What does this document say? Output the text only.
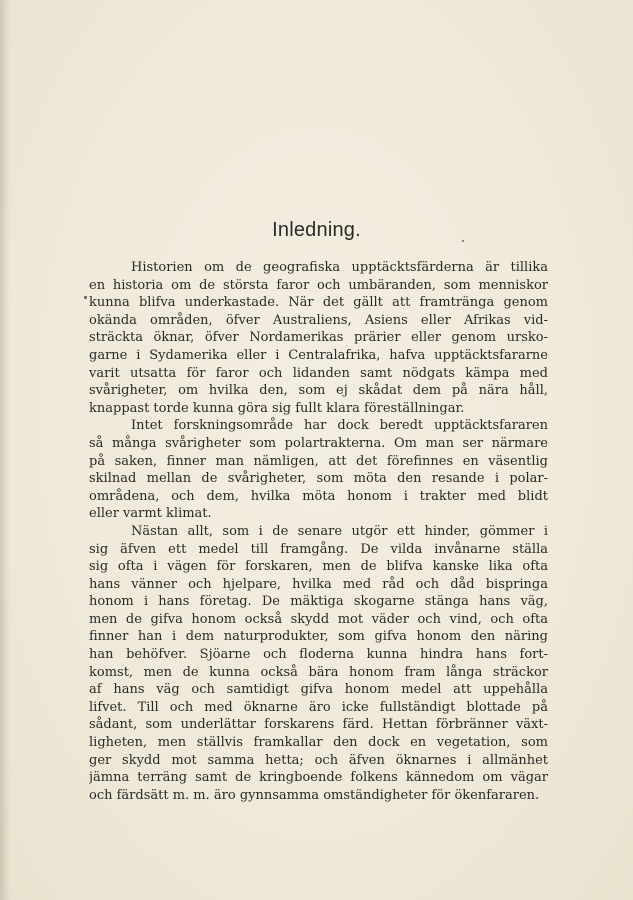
Inledning.
Historien om de geografiska upptäcktsfärderna är tillika
en historia om de största faror och umbäranden, som menniskor
kunna blifva underkastade. När det gällt att framtränga genom
okända områden, öfver Australiens, Asiens eller Afrikas vid-
sträckta öknar, öfver Nordamerikas prärier eller genom ursko-
garne i Sydamerika eller i Centralafrika, hafva upptäcktsfararne
varit utsatta för faror och lidanden samt nödgats kämpa med
svårigheter, om hvilka den, som ej skådat dem på nära håll,
knappast torde kunna göra sig fullt klara föreställningar.
Intet forskningsområde har dock beredt upptäcktsfararen
så många svårigheter som polartrakterna. Om man ser närmare
på saken, finner man nämligen, att det förefinnes en väsentlig
skilnad mellan de svårigheter, som möta den resande i polar-
områdena, och dem, hvilka möta honom i trakter med blidt
eller varmt klimat.
Nästan allt, som i de senare utgör ett hinder, gömmer i
sig äfven ett medel till framgång. De vilda invånarne ställa
sig ofta i vägen för forskaren, men de blifva kanske lika ofta
hans vänner och hjelpare, hvilka med råd och dåd bispringa
honom i hans företag. De mäktiga skogarne stänga hans väg,
men de gifva honom också skydd mot väder och vind, och ofta
finner han i dem naturprodukter, som gifva honom den näring
han behöfver. Sjöarne och floderna kunna hindra hans fort-
komst, men de kunna också bära honom fram långa sträckor
af hans väg och samtidigt gifva honom medel att uppehålla
lifvet. Till och med öknarne äro icke fullständigt blottade på
sådant, som underlättar forskarens färd. Hettan förbränner växt-
ligheten, men ställvis framkallar den dock en vegetation, som
ger skydd mot samma hetta; och äfven öknarnes i allmänhet
jämna terräng samt de kringboende folkens kännedom om vägar
och färdsätt m. m. äro gynnsamma omständigheter för ökenfararen.
